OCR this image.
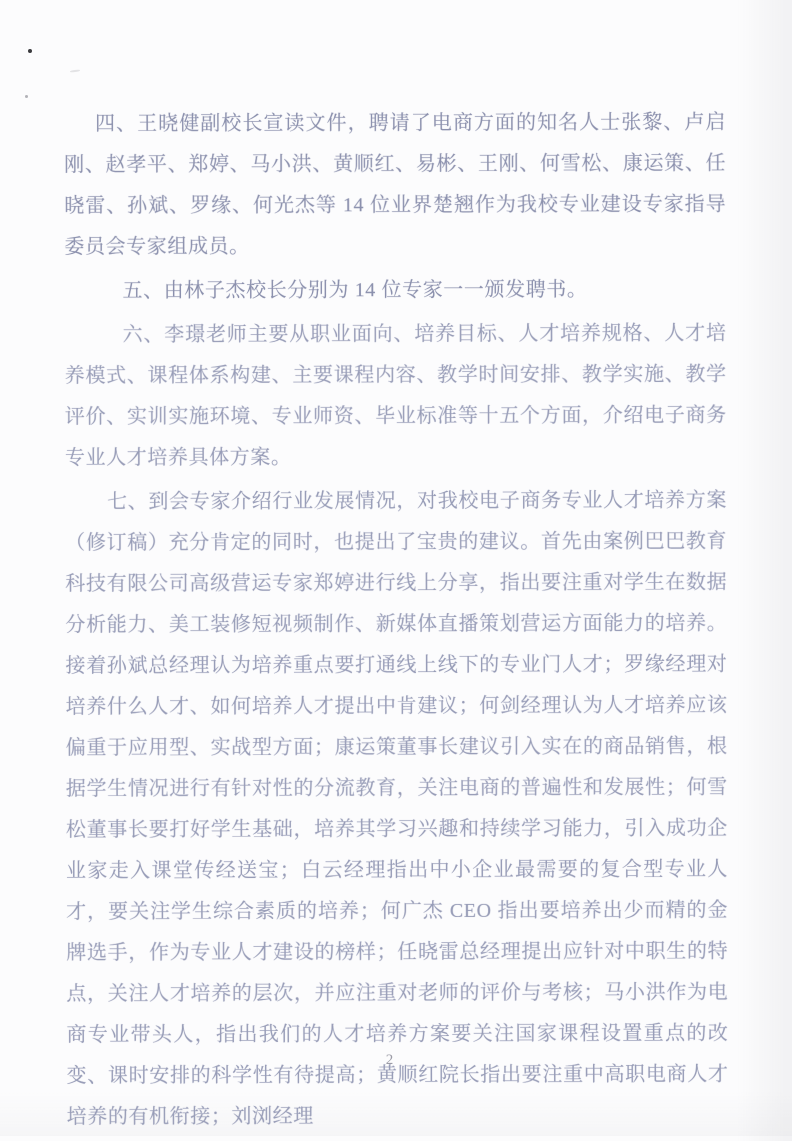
四、王晓健副校长宣读文件，聘请了电商方面的知名人士张黎、卢启刚、赵孝平、郑婷、马小洪、黄顺红、易彬、王刚、何雪松、康运策、任晓雷、孙斌、罗缘、何光杰等 14 位业界楚翘作为我校专业建设专家指导委员会专家组成员。

五、由林子杰校长分别为 14 位专家一一颁发聘书。

六、李璟老师主要从职业面向、培养目标、人才培养规格、人才培养模式、课程体系构建、主要课程内容、教学时间安排、教学实施、教学评价、实训实施环境、专业师资、毕业标准等十五个方面，介绍电子商务专业人才培养具体方案。

七、到会专家介绍行业发展情况，对我校电子商务专业人才培养方案（修订稿）充分肯定的同时，也提出了宝贵的建议。首先由案例巴巴教育科技有限公司高级营运专家郑婷进行线上分享，指出要注重对学生在数据分析能力、美工装修短视频制作、新媒体直播策划营运方面能力的培养。接着孙斌总经理认为培养重点要打通线上线下的专业门人才；罗缘经理对培养什么人才、如何培养人才提出中肯建议；何剑经理认为人才培养应该偏重于应用型、实战型方面；康运策董事长建议引入实在的商品销售，根据学生情况进行有针对性的分流教育，关注电商的普遍性和发展性；何雪松董事长要打好学生基础，培养其学习兴趣和持续学习能力，引入成功企业家走入课堂传经送宝；白云经理指出中小企业最需要的复合型专业人才，要关注学生综合素质的培养；何广杰 CEO 指出要培养出少而精的金牌选手，作为专业人才建设的榜样；任晓雷总经理提出应针对中职生的特点，关注人才培养的层次，并应注重对老师的评价与考核；马小洪作为电商专业带头人，指出我们的人才培养方案要关注国家课程设置重点的改变、课时安排的科学性有待提高；黄顺红院长指出要注重中高职电商人才培养的有机衔接；刘浏经理

2
